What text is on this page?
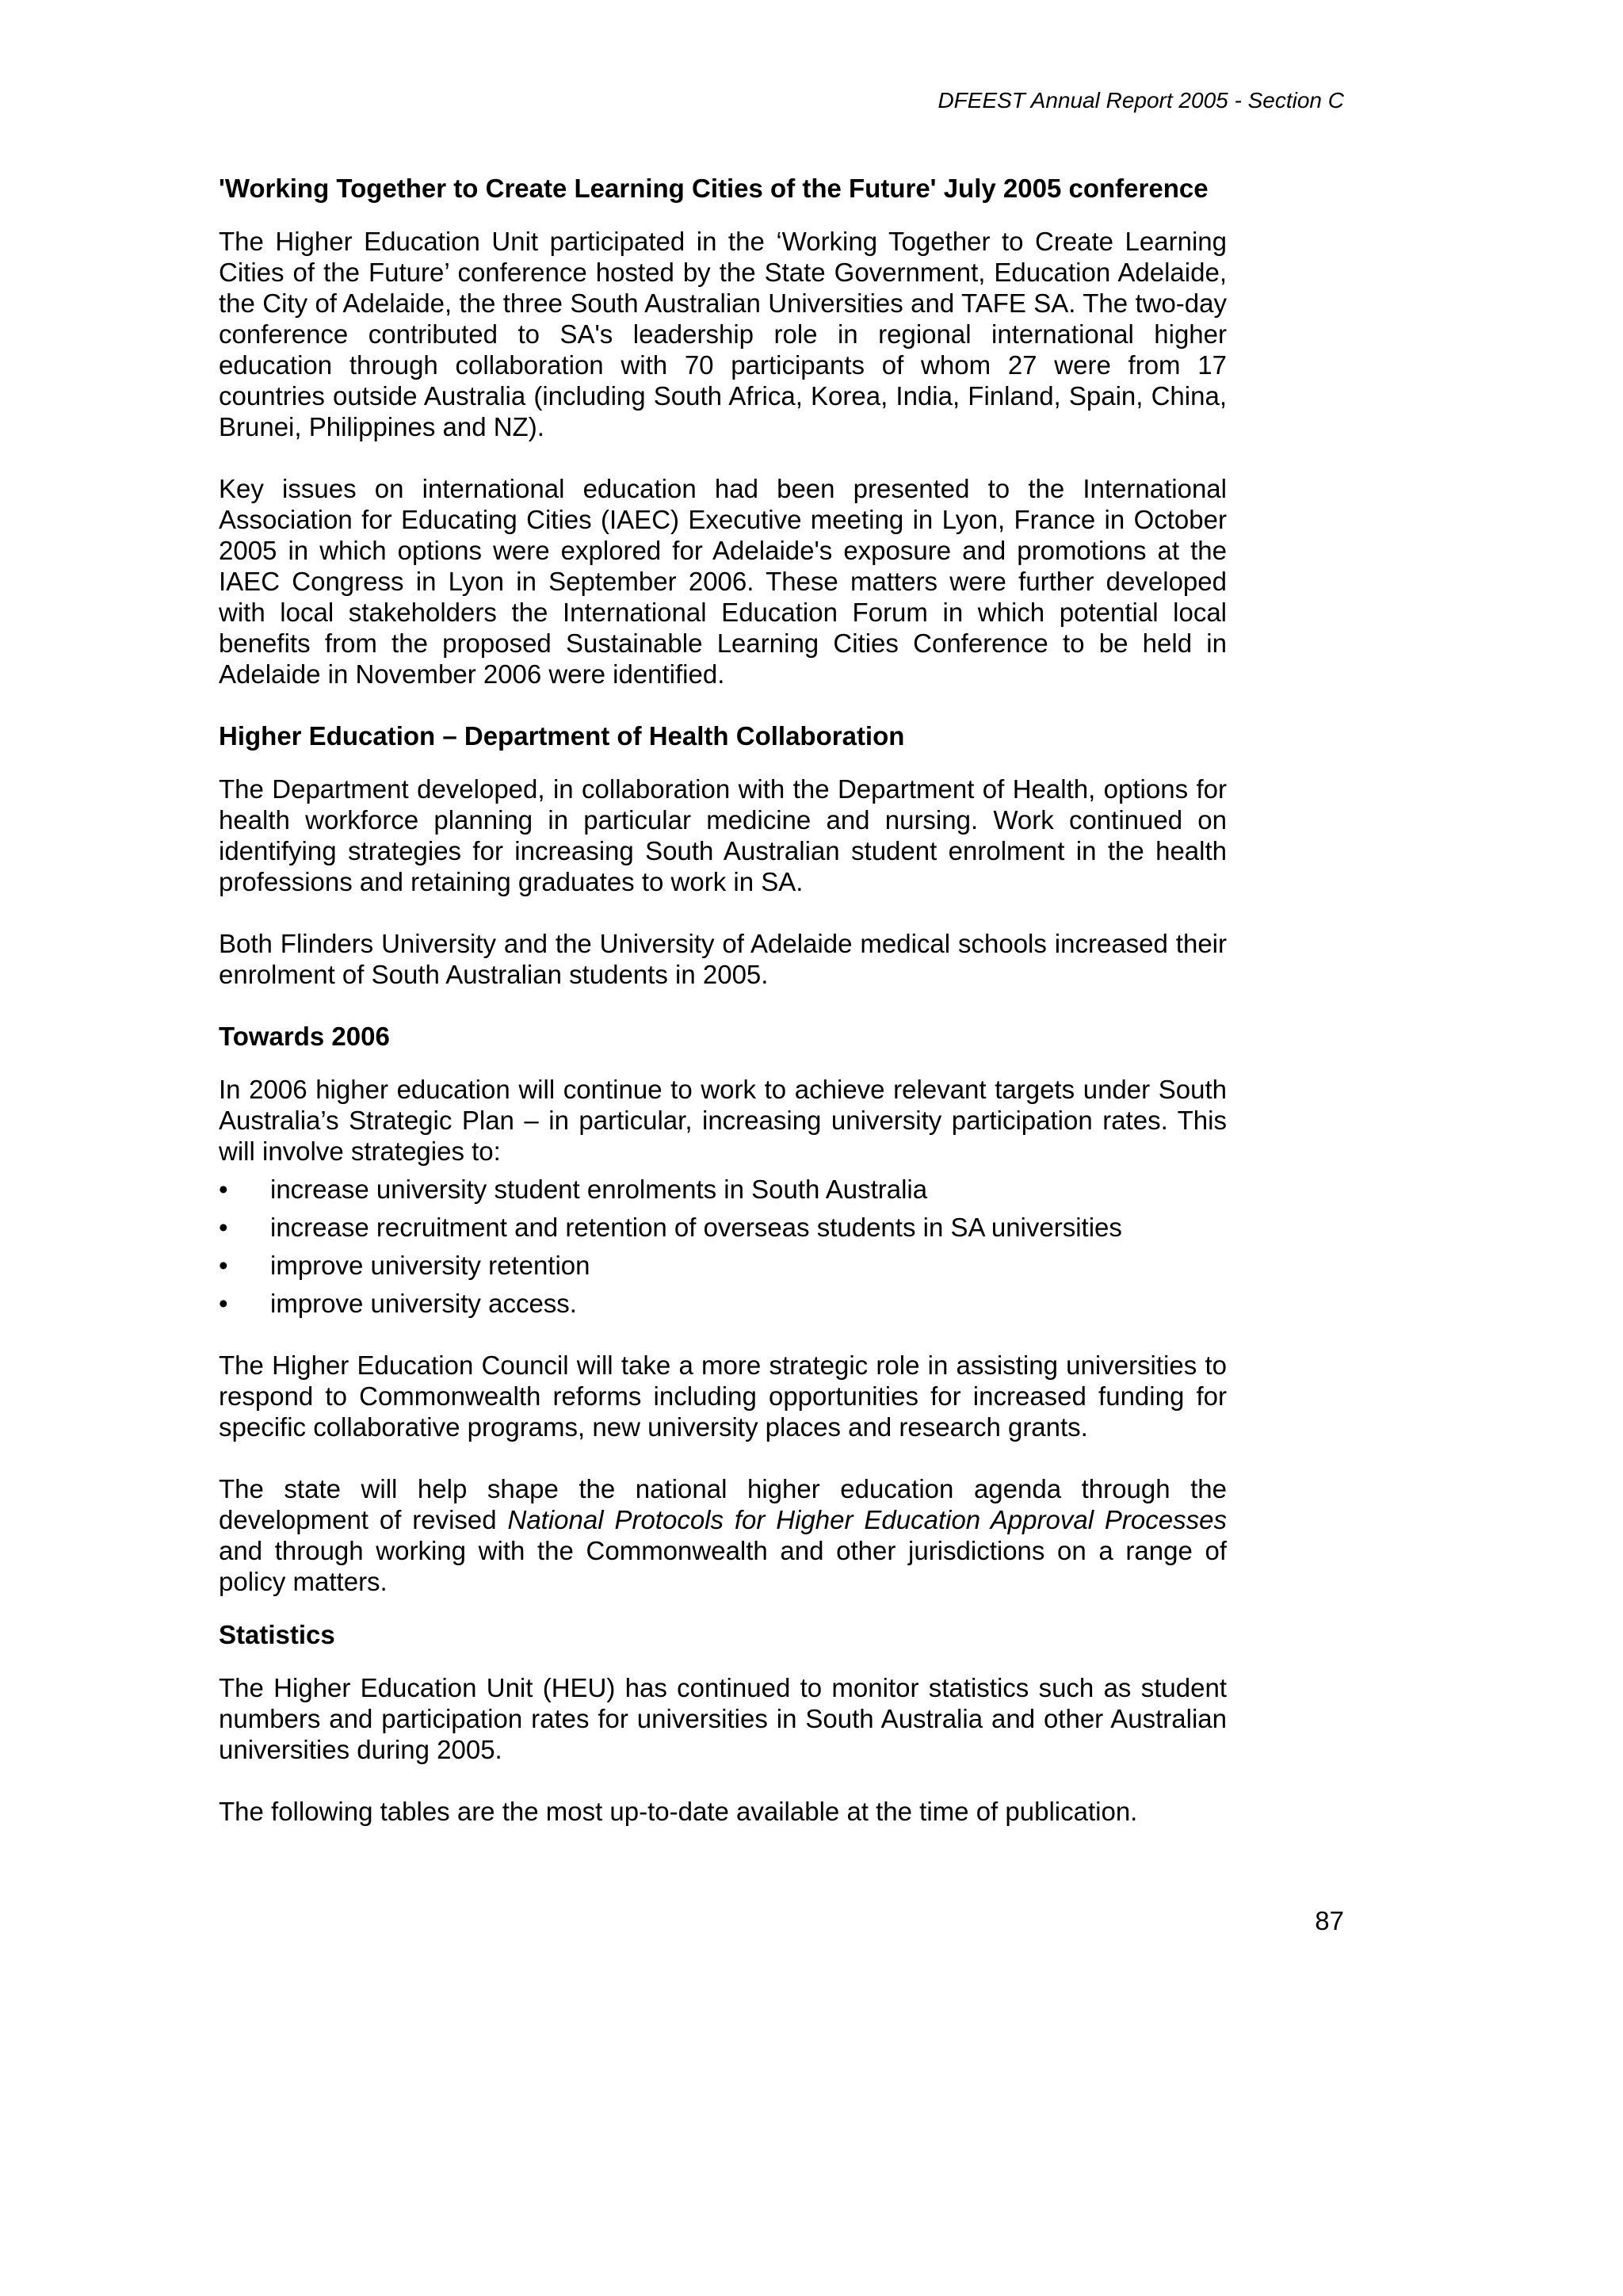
DFEEST Annual Report 2005 - Section C

'Working Together to Create Learning Cities of the Future' July 2005 conference

The Higher Education Unit participated in the ‘Working Together to Create Learning Cities of the Future’ conference hosted by the State Government, Education Adelaide, the City of Adelaide, the three South Australian Universities and TAFE SA. The two-day conference contributed to SA's leadership role in regional international higher education through collaboration with 70 participants of whom 27 were from 17 countries outside Australia (including South Africa, Korea, India, Finland, Spain, China, Brunei, Philippines and NZ).

Key issues on international education had been presented to the International Association for Educating Cities (IAEC) Executive meeting in Lyon, France in October 2005 in which options were explored for Adelaide's exposure and promotions at the IAEC Congress in Lyon in September 2006. These matters were further developed with local stakeholders the International Education Forum in which potential local benefits from the proposed Sustainable Learning Cities Conference to be held in Adelaide in November 2006 were identified.

Higher Education – Department of Health Collaboration

The Department developed, in collaboration with the Department of Health, options for health workforce planning in particular medicine and nursing. Work continued on identifying strategies for increasing South Australian student enrolment in the health professions and retaining graduates to work in SA.

Both Flinders University and the University of Adelaide medical schools increased their enrolment of South Australian students in 2005.

Towards 2006

In 2006 higher education will continue to work to achieve relevant targets under South Australia’s Strategic Plan – in particular, increasing university participation rates. This will involve strategies to:

• increase university student enrolments in South Australia
• increase recruitment and retention of overseas students in SA universities
• improve university retention
• improve university access.

The Higher Education Council will take a more strategic role in assisting universities to respond to Commonwealth reforms including opportunities for increased funding for specific collaborative programs, new university places and research grants.

The state will help shape the national higher education agenda through the development of revised National Protocols for Higher Education Approval Processes and through working with the Commonwealth and other jurisdictions on a range of policy matters.

Statistics

The Higher Education Unit (HEU) has continued to monitor statistics such as student numbers and participation rates for universities in South Australia and other Australian universities during 2005.

The following tables are the most up-to-date available at the time of publication.

87
